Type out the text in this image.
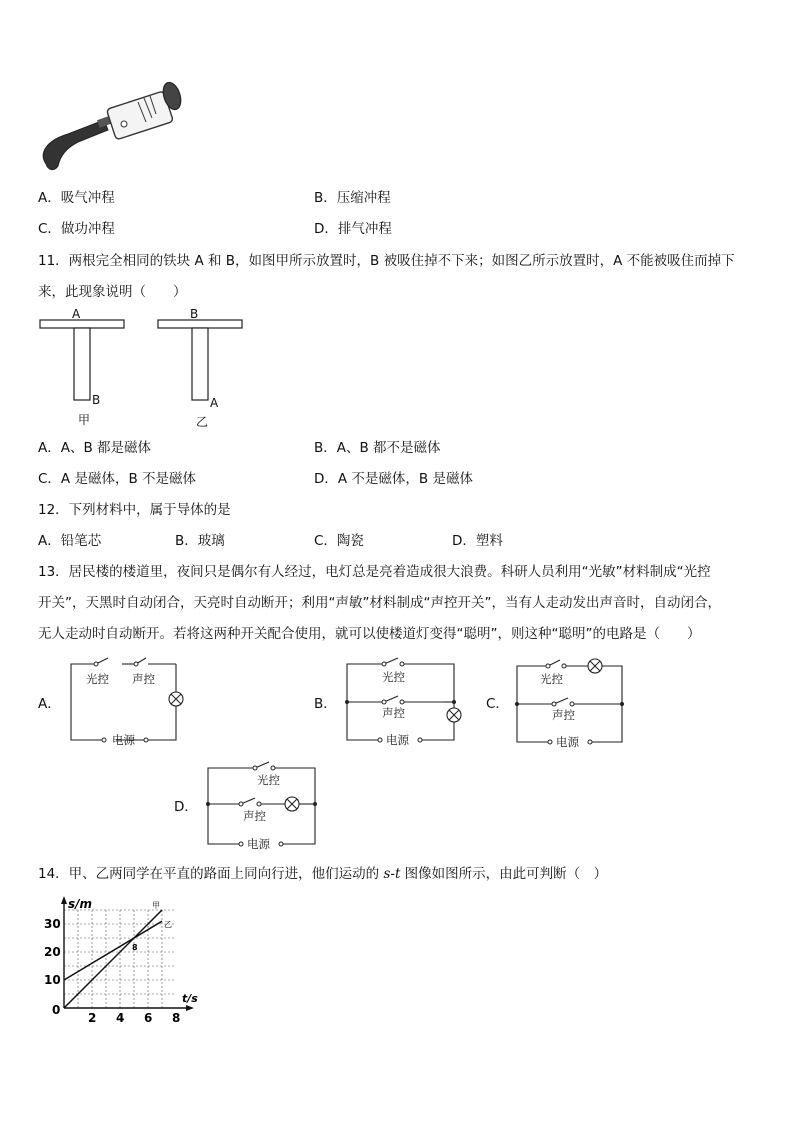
A．吸气冲程	B．压缩冲程
C．做功冲程	D．排气冲程
11．两根完全相同的铁块 A 和 B，如图甲所示放置时，B 被吸住掉不下来；如图乙所示放置时，A 不能被吸住而掉下
来，此现象说明（　　）
A
B
甲
B
A
乙
A．A、B 都是磁体	B．A、B 都不是磁体
C．A 是磁体，B 不是磁体	D．A 不是磁体，B 是磁体
12．下列材料中，属于导体的是
A．铅笔芯	B．玻璃	C．陶瓷	D．塑料
13．居民楼的楼道里，夜间只是偶尔有人经过，电灯总是亮着造成很大浪费。科研人员利用“光敏”材料制成“光控
开关”，天黑时自动闭合，天亮时自动断开；利用“声敏”材料制成“声控开关”，当有人走动发出声音时，自动闭合，
无人走动时自动断开。若将这两种开关配合使用，就可以使楼道灯变得“聪明”，则这种“聪明”的电路是（　　）
A．
光控 声控
电源
B．
光控
声控
电源
C．
光控
声控
电源
D．
光控
声控
电源
14．甲、乙两同学在平直的路面上同向行进，他们运动的 s-t 图像如图所示，由此可判断（　）
s/m
t/s
2 4 6 8
10
20
30
0
甲
乙
8
